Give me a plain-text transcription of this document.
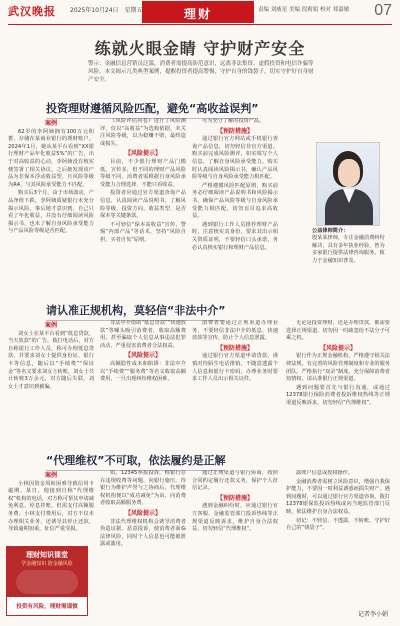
武汉晚报 2025年10月24日 星期五	理财	责编 刘威星 美编 段莉娟 校对 郑嘉敏 07
练就火眼金睛 守护财产安全
警示：金融信息营销员泛滥，消费者需提高防范意识，远离非法集资、虚假投资和电信诈骗等风险。本文揭示几类典型案例，提醒投资者提高警惕，守护自身的钱袋子，切实守护好自身财产安全。
投资理财遵循风险匹配，避免“高收益误判”

案例

62岁的李阿姨拥有100万元积蓄，存储在某商业银行的理财账户。2024年1月，她从某平台看到“XX银行理财产品年化收益5%”的广告，出于对高收益的心动，李阿姨没有核实便签署了相关协议。之后她发现该产品为非保本浮动收益型，且风险等级为R4，与其风险承受能力不匹配。

购买后3个月，由于市场波动，产品净值下跌，李阿姨质疑银行未充分揭示风险。事后她才意识到，自己只看了年化收益，并没有仔细阅读风险揭示书，也未了解自身风险承受能力与产品风险等级是否匹配。

《风险评估问卷》进行了风险测评，仅以“高收益”为选购依据，未关注风险等级，以为稳赚不赔，最终造成损失。

【风险提示】

目前，不少银行理财产品门槛低、宣传多，但不同的理财产品风险等级不同，消费者需根据自身风险承受能力合理选择，不能只看收益。

投资者应通过官方渠道查询产品信息，认真阅读产品说明书，了解风险等级、投资方向、收益类型、是否保本等关键条款。

不可轻信“保本高收益”宣传，警惕“内部产品”等话术，坚持“风险自担，买者自负”原则。

可为充分了解的投资产品。

【预防措施】

通过银行官方网站或手机银行查询产品信息，切勿轻信非官方渠道。购买前完成风险测评，如实填写个人信息，了解自身风险承受能力。购买时认真阅读风险揭示书，确认产品风险等级与自身风险承受能力相匹配。

严格遵循风险匹配原则，购买前务必仔细阅读产品说明书和风险揭示书，确保产品风险等级与自身风险承受能力相匹配，切勿盲目追求高收益。

遇到银行工作人员推荐理财产品时，注意核实其身份，要求其出示相关资质证明，不要轻信口头承诺，务必认真核实银行和理财产品信息。

公益律师简介：
殷某某律师，专注金融消费纠纷解决，具有多年执业经验，曾为多家银行提供法律咨询服务，致力于金融知识普及。
请认准正规机构，莫轻信“非法中介”

案例

刘女士在某平台看到“低息贷款，当天放款”的广告，拨打电话后，对方自称银行工作人员，称可办理低息贷款，并要求刘女士提供身份证、银行卡等信息，随后以“手续费”“保证金”等名义要求刘女士转账，刘女士共计转账3万余元，对方随后失联，刘女士才意识到被骗。

非法中介借助“低息贷款”“快速放款”等噱头吸引消费者，收取高额费用，甚至骗取个人信息从事违法犯罪活动，严重侵害消费者合法权益。

【风险提示】

高额隐性成本和陷阱：非法中介以“手续费”“服务费”等名义收取高额费用，一旦出现纠纷维权困难。

消费者要通过正规渠道办理业务，不要轻信非法中介的低息、快速放款等宣传，防止个人信息泄露。

【预防措施】

通过银行官方渠道申请贷款，谨慎对待陌生电话推销，不随意透露个人信息和银行卡密码，办理业务时要求工作人员出示相关证件。

无论是投资理财，还是办理贷款，都需要选择正规渠道，切勿因一时疏忽给不法分子可乘之机。

【风险提示】

银行作为正规金融机构，严格遵守相关法律法规，有完善的风险管理制度和专业的服务团队。严格执行“双录”制度，充分保障消费者知情权，请认准银行正规渠道。

遇到问题要首先与银行沟通，或通过12378银行保险消费者投诉维权热线等正规渠道反映诉求，切勿轻信“代理维权”。

“代理维权”不可取，依法履约是正解

案例

小林因资金周转困难导致信用卡逾期。某日，他接到自称“代理维权”机构的电话，对方称可帮其申请减免利息、停息挂账，但需支付高额服务费。小林支付费用后，对方不仅未办理相关业务，还诱导其停止还款，导致逾期加重，征信严重受损。

如，12345举报投诉，称银行存在违规收费等问题，向银行施压。待银行为维护声誉与之协商后，代理维权机构便以“成功减免”为由，向消费者收取高额服务费。

【风险提示】

非法代理维权机构会诱导消费者伪造证据、恶意投诉，使消费者面临法律风险，同时个人信息也可能被泄露或滥用。

通过正规渠道与银行协商，按照合同约定履行还款义务，保护个人征信记录。

【预防措施】

遇到金融纠纷时，应通过银行官方客服、金融监管部门投诉热线等正规渠道反映诉求，维护自身合法权益，切勿轻信“代理维权”。

露账户信息或授权操作。

金融消费者需树立风险意识，增强自我保护能力，不要因一时利益诱惑而损失财产。遇到问题时，可以通过银行官方渠道咨询，拨打12378银保监投诉热线或向当地监管部门反映，依法维护自身合法权益。

切记：不轻信、不透露、不转账，守护好自己的“钱袋子”。

理财知识课堂
学金融知识 防金融风险
投资有风险，理财需谨慎
记者李小娟
